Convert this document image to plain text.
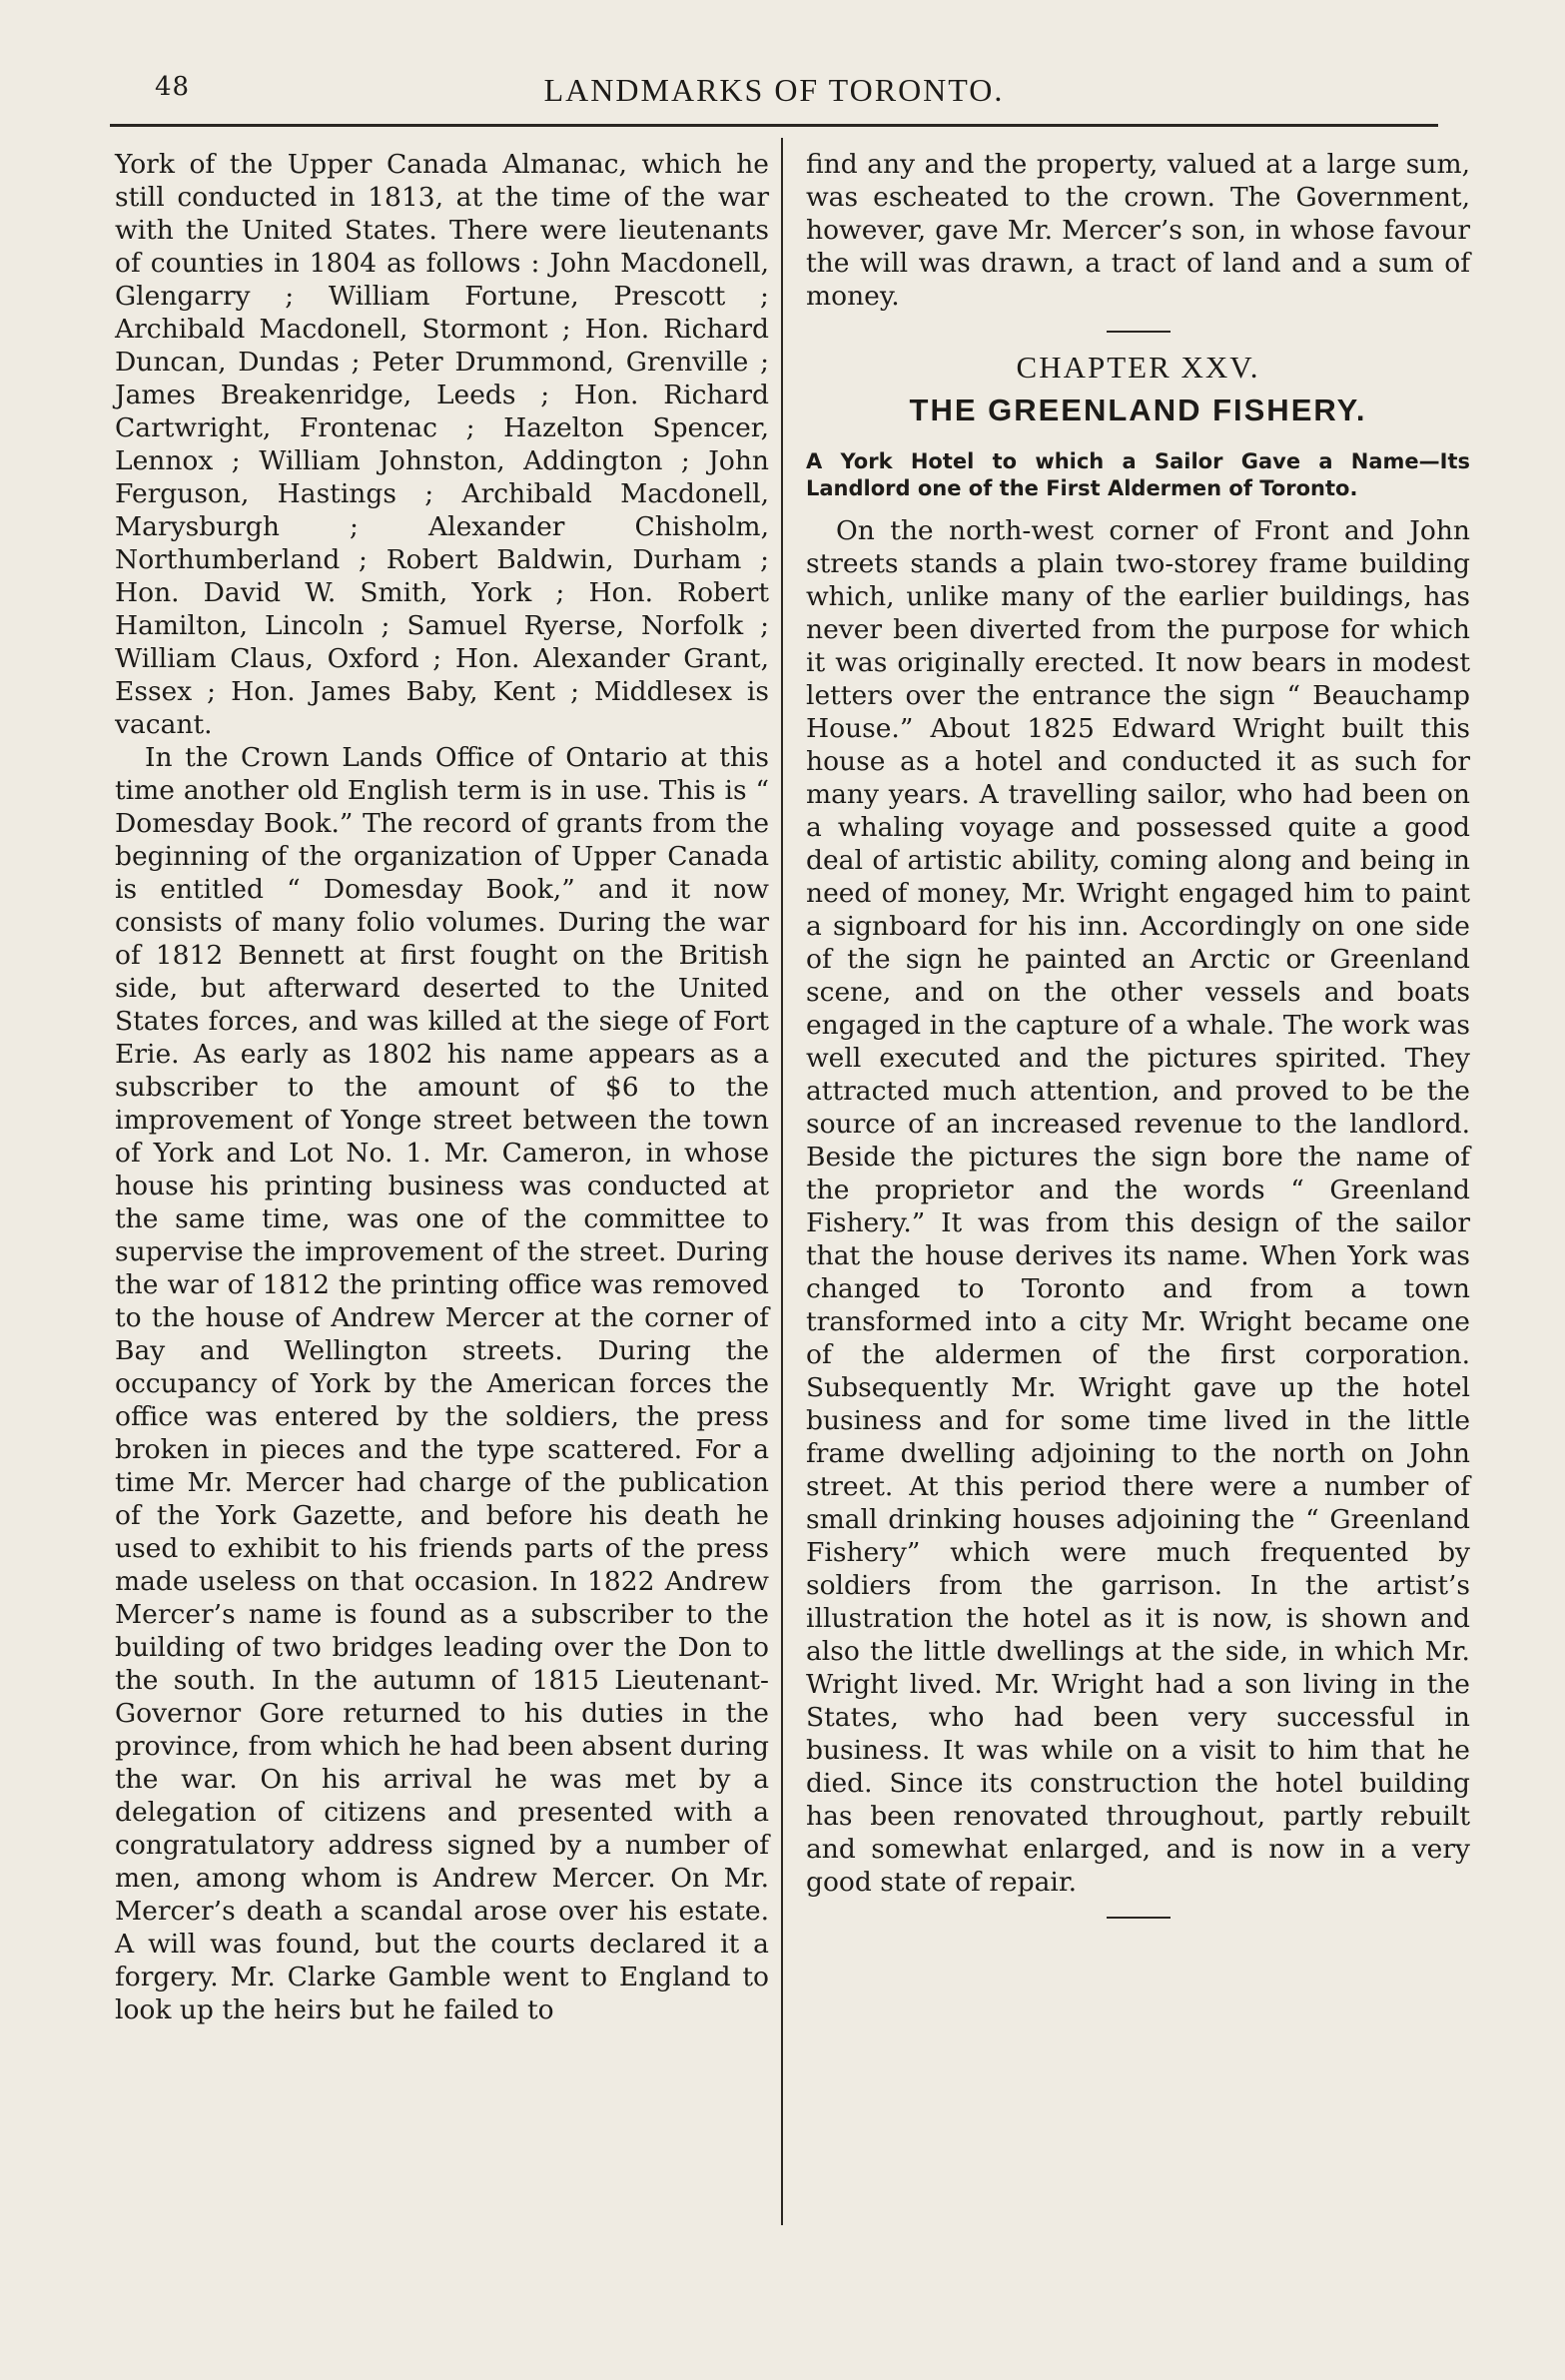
48	LANDMARKS OF TORONTO.

York of the Upper Canada Almanac, which he still conducted in 1813, at the time of the war with the United States. There were lieutenants of counties in 1804 as follows : John Macdonell, Glengarry ; William Fortune, Prescott ; Archibald Macdonell, Stormont ; Hon. Richard Duncan, Dundas ; Peter Drummond, Grenville ; James Breakenridge, Leeds ; Hon. Richard Cartwright, Frontenac ; Hazelton Spencer, Lennox ; William Johnston, Addington ; John Ferguson, Hastings ; Archibald Macdonell, Marysburgh ; Alexander Chisholm, Northumberland ; Robert Baldwin, Durham ; Hon. David W. Smith, York ; Hon. Robert Hamilton, Lincoln ; Samuel Ryerse, Norfolk ; William Claus, Oxford ; Hon. Alexander Grant, Essex ; Hon. James Baby, Kent ; Middlesex is vacant.

In the Crown Lands Office of Ontario at this time another old English term is in use. This is “ Domesday Book.” The record of grants from the beginning of the organization of Upper Canada is entitled “ Domesday Book,” and it now consists of many folio volumes. During the war of 1812 Bennett at first fought on the British side, but afterward deserted to the United States forces, and was killed at the siege of Fort Erie. As early as 1802 his name appears as a subscriber to the amount of $6 to the improvement of Yonge street between the town of York and Lot No. 1. Mr. Cameron, in whose house his printing business was conducted at the same time, was one of the committee to supervise the improvement of the street. During the war of 1812 the printing office was removed to the house of Andrew Mercer at the corner of Bay and Wellington streets. During the occupancy of York by the American forces the office was entered by the soldiers, the press broken in pieces and the type scattered. For a time Mr. Mercer had charge of the publication of the York Gazette, and before his death he used to exhibit to his friends parts of the press made useless on that occasion. In 1822 Andrew Mercer’s name is found as a subscriber to the building of two bridges leading over the Don to the south. In the autumn of 1815 Lieutenant-Governor Gore returned to his duties in the province, from which he had been absent during the war. On his arrival he was met by a delegation of citizens and presented with a congratulatory address signed by a number of men, among whom is Andrew Mercer. On Mr. Mercer’s death a scandal arose over his estate. A will was found, but the courts declared it a forgery. Mr. Clarke Gamble went to England to look up the heirs but he failed to

find any and the property, valued at a large sum, was escheated to the crown. The Government, however, gave Mr. Mercer’s son, in whose favour the will was drawn, a tract of land and a sum of money.

CHAPTER XXV.
THE GREENLAND FISHERY.
A York Hotel to which a Sailor Gave a Name—Its Landlord one of the First Aldermen of Toronto.

On the north-west corner of Front and John streets stands a plain two-storey frame building which, unlike many of the earlier buildings, has never been diverted from the purpose for which it was originally erected. It now bears in modest letters over the entrance the sign “ Beauchamp House.” About 1825 Edward Wright built this house as a hotel and conducted it as such for many years. A travelling sailor, who had been on a whaling voyage and possessed quite a good deal of artistic ability, coming along and being in need of money, Mr. Wright engaged him to paint a signboard for his inn. Accordingly on one side of the sign he painted an Arctic or Greenland scene, and on the other vessels and boats engaged in the capture of a whale. The work was well executed and the pictures spirited. They attracted much attention, and proved to be the source of an increased revenue to the landlord. Beside the pictures the sign bore the name of the proprietor and the words “ Greenland Fishery.” It was from this design of the sailor that the house derives its name. When York was changed to Toronto and from a town transformed into a city Mr. Wright became one of the aldermen of the first corporation. Subsequently Mr. Wright gave up the hotel business and for some time lived in the little frame dwelling adjoining to the north on John street. At this period there were a number of small drinking houses adjoining the “ Greenland Fishery” which were much frequented by soldiers from the garrison. In the artist’s illustration the hotel as it is now, is shown and also the little dwellings at the side, in which Mr. Wright lived. Mr. Wright had a son living in the States, who had been very successful in business. It was while on a visit to him that he died. Since its construction the hotel building has been renovated throughout, partly rebuilt and somewhat enlarged, and is now in a very good state of repair.
